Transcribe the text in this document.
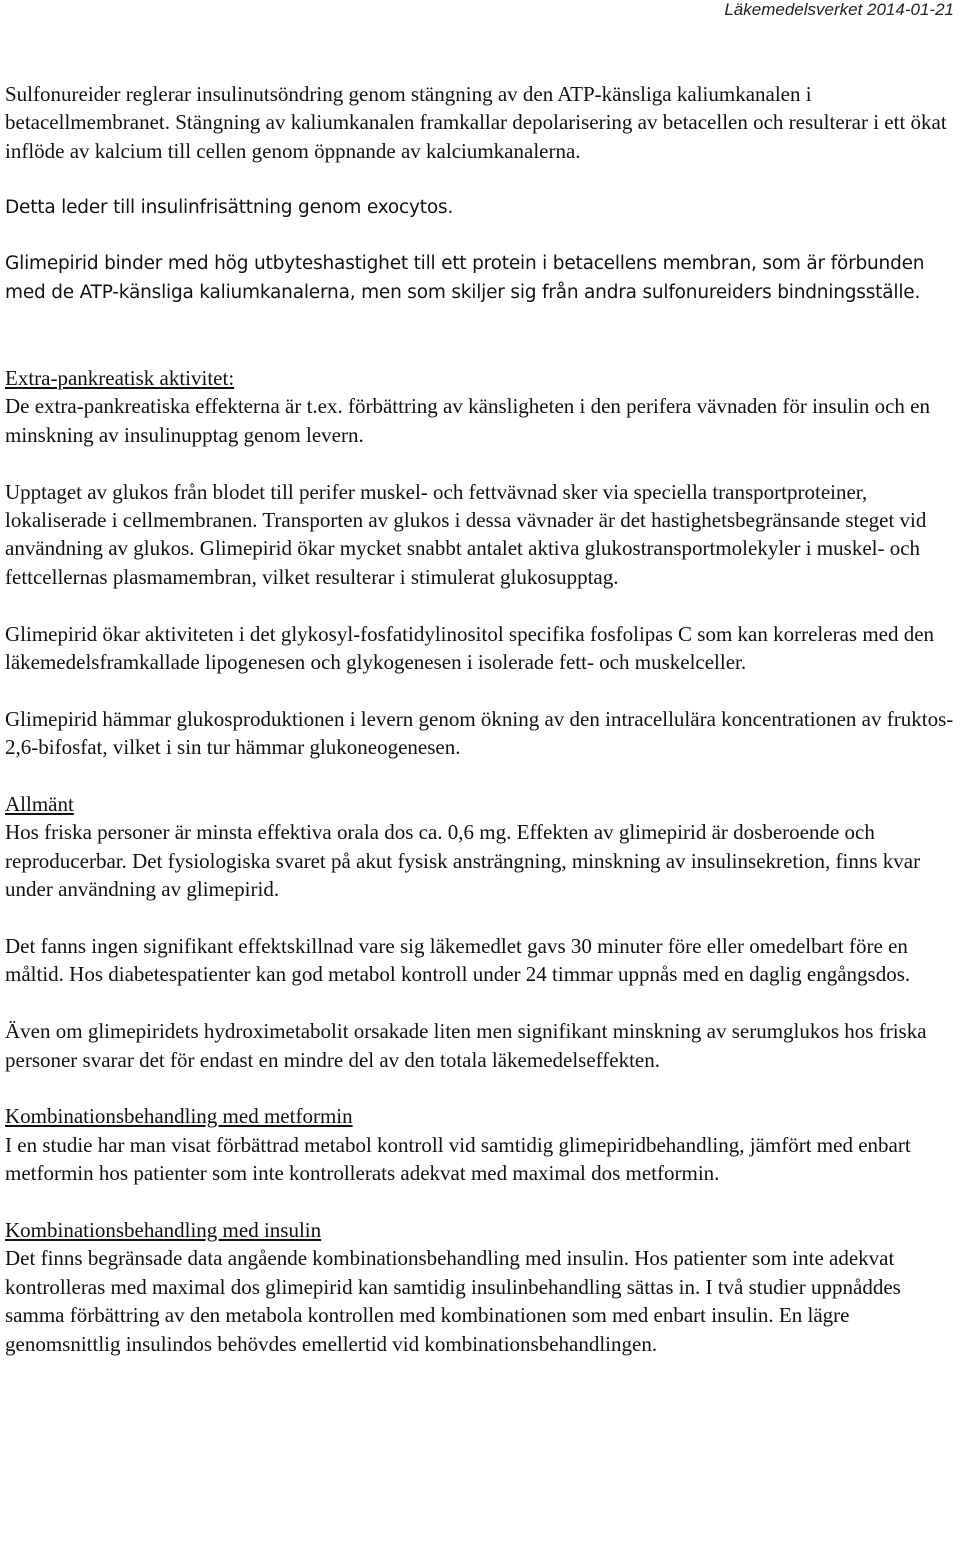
Läkemedelsverket 2014-01-21

Sulfonureider reglerar insulinutsöndring genom stängning av den ATP-känsliga kaliumkanalen i betacellmembranet. Stängning av kaliumkanalen framkallar depolarisering av betacellen och resulterar i ett ökat inflöde av kalcium till cellen genom öppnande av kalciumkanalerna.

Detta leder till insulinfrisättning genom exocytos.

Glimepirid binder med hög utbyteshastighet till ett protein i betacellens membran, som är förbunden med de ATP-känsliga kaliumkanalerna, men som skiljer sig från andra sulfonureiders bindningsställe.

Extra-pankreatisk aktivitet:

De extra-pankreatiska effekterna är t.ex. förbättring av känsligheten i den perifera vävnaden för insulin och en minskning av insulinupptag genom levern.

Upptaget av glukos från blodet till perifer muskel- och fettvävnad sker via speciella transportproteiner, lokaliserade i cellmembranen. Transporten av glukos i dessa vävnader är det hastighetsbegränsande steget vid användning av glukos. Glimepirid ökar mycket snabbt antalet aktiva glukostransportmolekyler i muskel- och fettcellernas plasmamembran, vilket resulterar i stimulerat glukosupptag.

Glimepirid ökar aktiviteten i det glykosyl-fosfatidylinositol specifika fosfolipas C som kan korreleras med den läkemedelsframkallade lipogenesen och glykogenesen i isolerade fett- och muskelceller.

Glimepirid hämmar glukosproduktionen i levern genom ökning av den intracellulära koncentrationen av fruktos-2,6-bifosfat, vilket i sin tur hämmar glukoneogenesen.

Allmänt

Hos friska personer är minsta effektiva orala dos ca. 0,6 mg. Effekten av glimepirid är dosberoende och reproducerbar. Det fysiologiska svaret på akut fysisk ansträngning, minskning av insulinsekretion, finns kvar under användning av glimepirid.

Det fanns ingen signifikant effektskillnad vare sig läkemedlet gavs 30 minuter före eller omedelbart före en måltid. Hos diabetespatienter kan god metabol kontroll under 24 timmar uppnås med en daglig engångsdos.

Även om glimepiridets hydroximetabolit orsakade liten men signifikant minskning av serumglukos hos friska personer svarar det för endast en mindre del av den totala läkemedelseffekten.

Kombinationsbehandling med metformin

I en studie har man visat förbättrad metabol kontroll vid samtidig glimepiridbehandling, jämfört med enbart metformin hos patienter som inte kontrollerats adekvat med maximal dos metformin.

Kombinationsbehandling med insulin

Det finns begränsade data angående kombinationsbehandling med insulin. Hos patienter som inte adekvat kontrolleras med maximal dos glimepirid kan samtidig insulinbehandling sättas in. I två studier uppnåddes samma förbättring av den metabola kontrollen med kombinationen som med enbart insulin. En lägre genomsnittlig insulindos behövdes emellertid vid kombinationsbehandlingen.
